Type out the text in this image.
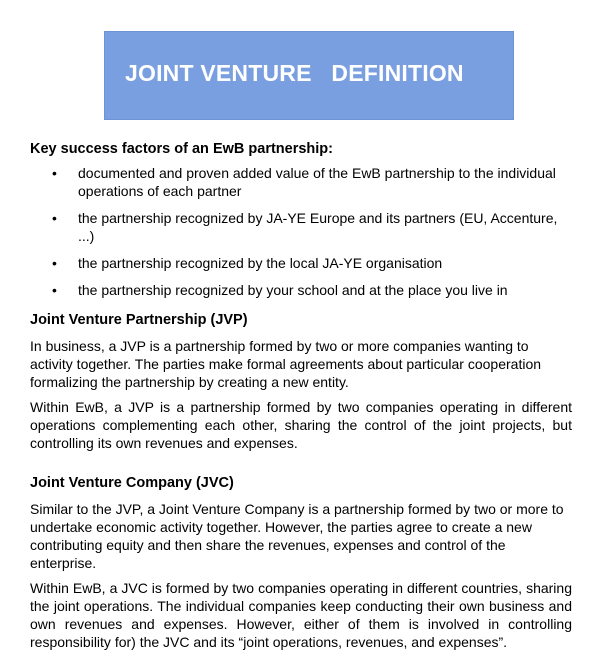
JOINT VENTURE   DEFINITION
Key success factors of an EwB partnership:
• documented and proven added value of the EwB partnership to the individual operations of each partner
• the partnership recognized by JA-YE Europe and its partners (EU, Accenture, ...)
• the partnership recognized by the local JA-YE organisation
• the partnership recognized by your school and at the place you live in
Joint Venture Partnership (JVP)

In business, a JVP is a partnership formed by two or more companies wanting to activity together. The parties make formal agreements about particular cooperation formalizing the partnership by creating a new entity.

Within EwB, a JVP is a partnership formed by two companies operating in different operations complementing each other, sharing the control of the joint projects, but controlling its own revenues and expenses.

Joint Venture Company (JVC)

Similar to the JVP, a Joint Venture Company is a partnership formed by two or more to undertake economic activity together. However, the parties agree to create a new contributing equity and then share the revenues, expenses and control of the enterprise.

Within EwB, a JVC is formed by two companies operating in different countries, sharing the joint operations. The individual companies keep conducting their own business and own revenues and expenses. However, either of them is involved in controlling responsibility for) the JVC and its “joint operations, revenues, and expenses”.
